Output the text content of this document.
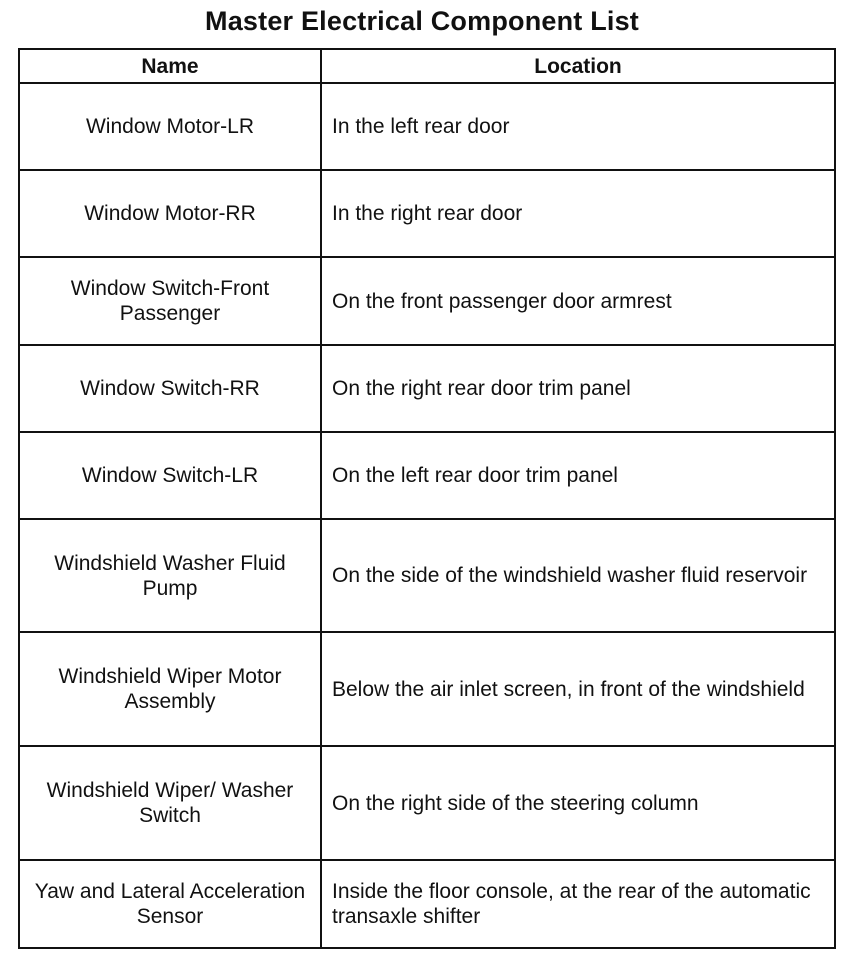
Master Electrical Component List
Name	Location
Window Motor-LR	In the left rear door
Window Motor-RR	In the right rear door
Window Switch-Front Passenger	On the front passenger door armrest
Window Switch-RR	On the right rear door trim panel
Window Switch-LR	On the left rear door trim panel
Windshield Washer Fluid Pump	On the side of the windshield washer fluid reservoir
Windshield Wiper Motor Assembly	Below the air inlet screen, in front of the windshield
Windshield Wiper/ Washer Switch	On the right side of the steering column
Yaw and Lateral Acceleration Sensor	Inside the floor console, at the rear of the automatic transaxle shifter
